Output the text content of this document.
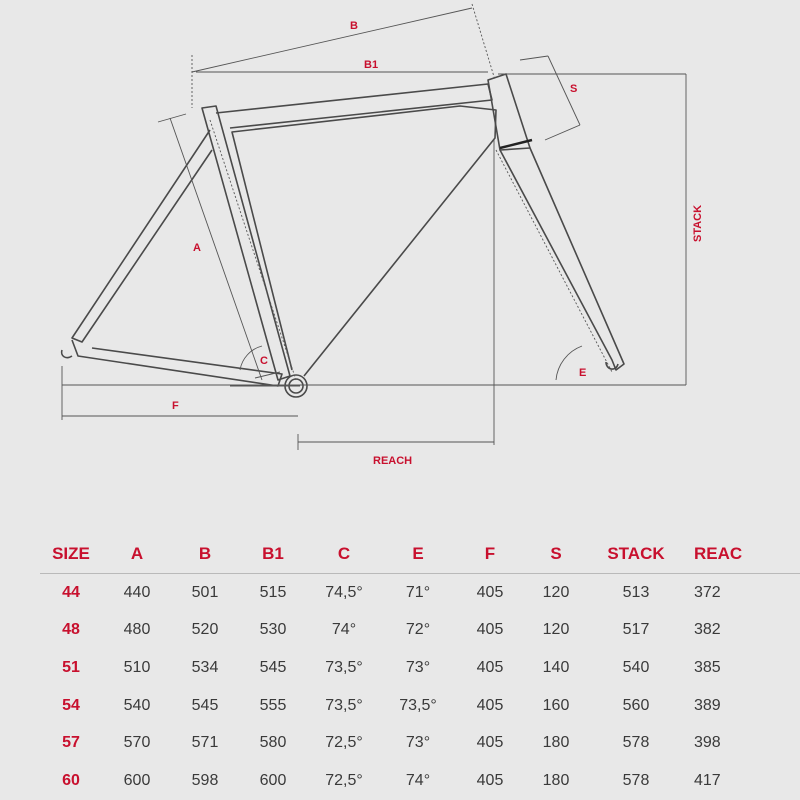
B
B1
S
STACK
A
C
E
F
REACH
SIZE	A	B	B1	C	E	F	S	STACK	REAC
44	440	501	515	74,5°	71°	405	120	513	372
48	480	520	530	74°	72°	405	120	517	382
51	510	534	545	73,5°	73°	405	140	540	385
54	540	545	555	73,5°	73,5°	405	160	560	389
57	570	571	580	72,5°	73°	405	180	578	398
60	600	598	600	72,5°	74°	405	180	578	417
